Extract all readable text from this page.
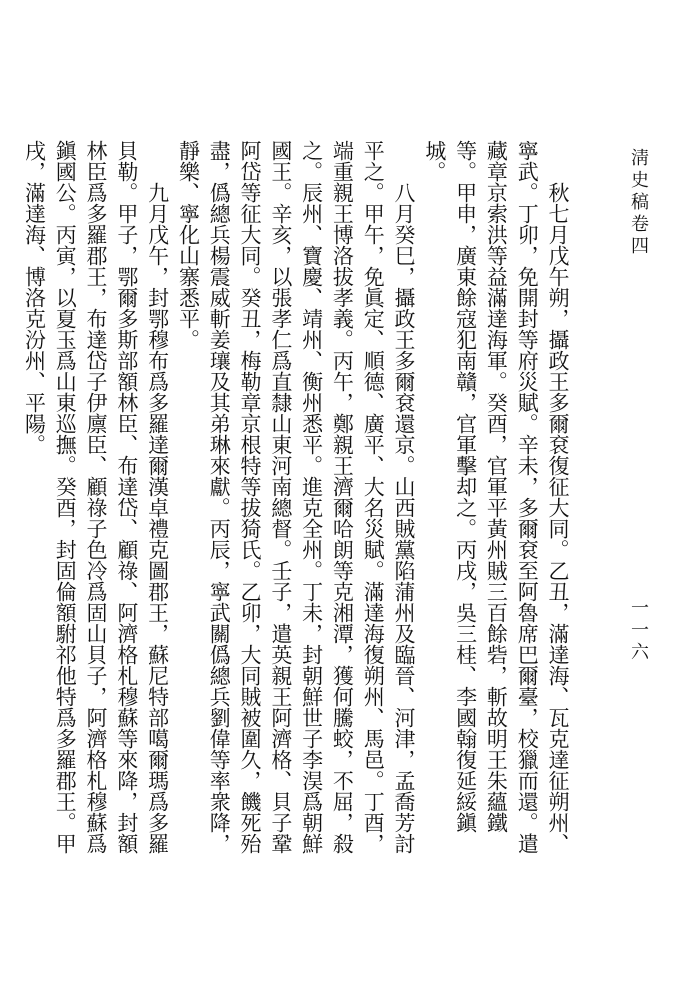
淸史稿卷四
一一六

秋七月戊午朔，攝政王多爾袞復征大同。乙丑，滿達海、瓦克達征朔州、寧武。丁卯，免開封等府災賦。辛未，多爾袞至阿魯席巴爾臺，校獵而還。遣藏章京索洪等益滿達海軍。癸酉，官軍平黃州賊三百餘砦，斬故明王朱蘊鐵等。甲申，廣東餘寇犯南贛，官軍擊却之。丙戌，吳三桂、李國翰復延綏鎭城。

八月癸巳，攝政王多爾袞還京。山西賊黨陷蒲州及臨晉、河津，孟喬芳討平之。甲午，免眞定、順德、廣平、大名災賦。滿達海復朔州、馬邑。丁酉，端重親王博洛拔孝義。丙午，鄭親王濟爾哈朗等克湘潭，獲何騰蛟，不屈，殺之。辰州、寶慶、靖州、衡州悉平。進克全州。丁未，封朝鮮世子李淏爲朝鮮國王。辛亥，以張孝仁爲直隸山東河南總督。壬子，遣英親王阿濟格、貝子鞏阿岱等征大同。癸丑，梅勒章京根特等拔猗氏。乙卯，大同賊被圍久，饑死殆盡，僞總兵楊震威斬姜瓖及其弟琳來獻。丙辰，寧武關僞總兵劉偉等率衆降，靜樂、寧化山寨悉平。

九月戊午，封鄂穆布爲多羅達爾漢卓禮克圖郡王，蘇尼特部噶爾瑪爲多羅貝勒。甲子，鄂爾多斯部額林臣、布達岱、顧祿、阿濟格札穆蘇等來降，封額林臣爲多羅郡王，布達岱子伊廪臣、顧祿子色冷爲固山貝子，阿濟格札穆蘇爲鎭國公。丙寅，以夏玉爲山東巡撫。癸酉，封固倫額駙祁他特爲多羅郡王。甲戌，滿達海、博洛克汾州、平陽。
